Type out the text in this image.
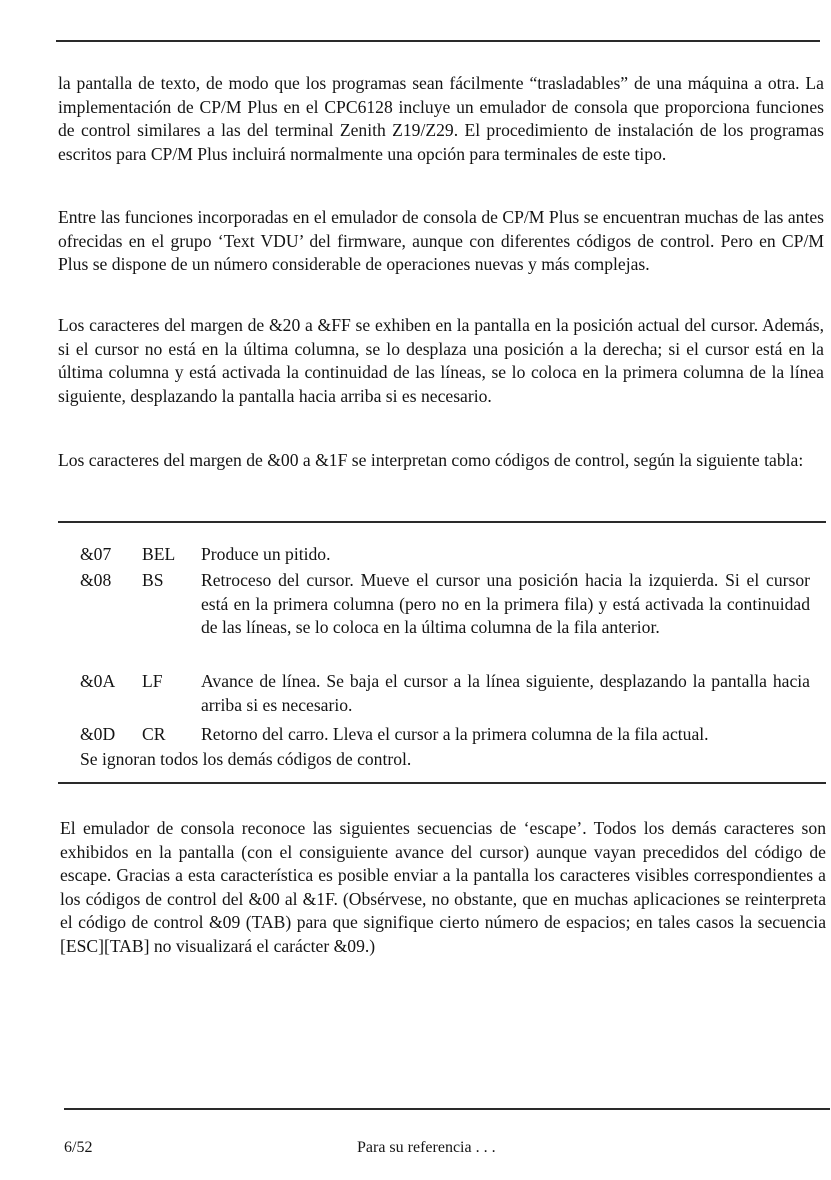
la pantalla de texto, de modo que los programas sean fácilmente “trasladables” de una máquina a otra. La implementación de CP/M Plus en el CPC6128 incluye un emulador de consola que proporciona funciones de control similares a las del terminal Zenith Z19/Z29. El procedimiento de instalación de los programas escritos para CP/M Plus incluirá normalmente una opción para terminales de este tipo.

Entre las funciones incorporadas en el emulador de consola de CP/M Plus se encuentran muchas de las antes ofrecidas en el grupo ‘Text VDU’ del firmware, aunque con diferentes códigos de control. Pero en CP/M Plus se dispone de un número considerable de operaciones nuevas y más complejas.

Los caracteres del margen de &20 a &FF se exhiben en la pantalla en la posición actual del cursor. Además, si el cursor no está en la última columna, se lo desplaza una posición a la derecha; si el cursor está en la última columna y está activada la continuidad de las líneas, se lo coloca en la primera columna de la línea siguiente, desplazando la pantalla hacia arriba si es necesario.

Los caracteres del margen de &00 a &1F se interpretan como códigos de control, según la siguiente tabla:

&07 BEL Produce un pitido.
&08 BS Retroceso del cursor. Mueve el cursor una posición hacia la izquierda. Si el cursor está en la primera columna (pero no en la primera fila) y está activada la continuidad de las líneas, se lo coloca en la última columna de la fila anterior.
&0A LF Avance de línea. Se baja el cursor a la línea siguiente, desplazando la pantalla hacia arriba si es necesario.
&0D CR Retorno del carro. Lleva el cursor a la primera columna de la fila actual.
Se ignoran todos los demás códigos de control.

El emulador de consola reconoce las siguientes secuencias de ‘escape’. Todos los demás caracteres son exhibidos en la pantalla (con el consiguiente avance del cursor) aunque vayan precedidos del código de escape. Gracias a esta característica es posible enviar a la pantalla los caracteres visibles correspondientes a los códigos de control del &00 al &1F. (Obsérvese, no obstante, que en muchas aplicaciones se reinterpreta el código de control &09 (TAB) para que signifique cierto número de espacios; en tales casos la secuencia [ESC][TAB] no visualizará el carácter &09.)

6/52	Para su referencia . . .
